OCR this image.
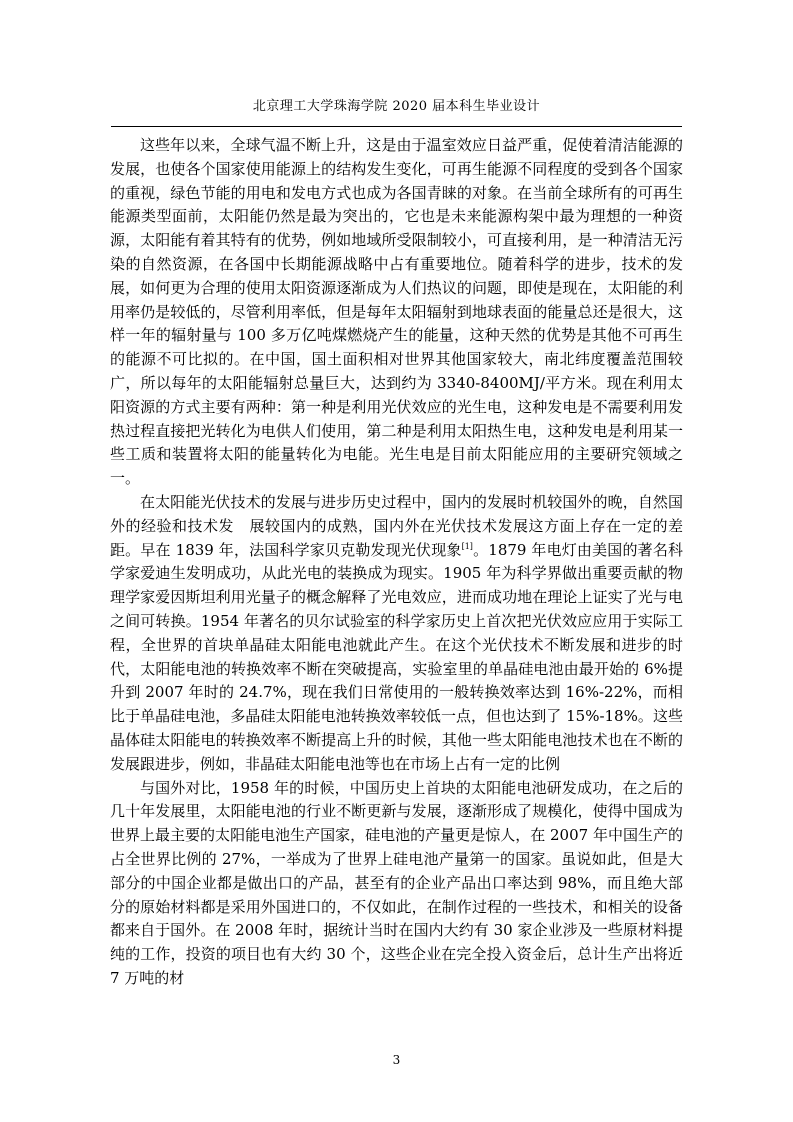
北京理工大学珠海学院 2020 届本科生毕业设计

这些年以来，全球气温不断上升，这是由于温室效应日益严重，促使着清洁能源的发展，也使各个国家使用能源上的结构发生变化，可再生能源不同程度的受到各个国家的重视，绿色节能的用电和发电方式也成为各国青睐的对象。在当前全球所有的可再生能源类型面前，太阳能仍然是最为突出的，它也是未来能源构架中最为理想的一种资源，太阳能有着其特有的优势，例如地域所受限制较小，可直接利用，是一种清洁无污染的自然资源，在各国中长期能源战略中占有重要地位。随着科学的进步，技术的发展，如何更为合理的使用太阳资源逐渐成为人们热议的问题，即使是现在，太阳能的利用率仍是较低的，尽管利用率低，但是每年太阳辐射到地球表面的能量总还是很大，这样一年的辐射量与 100 多万亿吨煤燃烧产生的能量，这种天然的优势是其他不可再生的能源不可比拟的。在中国，国土面积相对世界其他国家较大，南北纬度覆盖范围较广，所以每年的太阳能辐射总量巨大，达到约为 3340-8400MJ/平方米。现在利用太阳资源的方式主要有两种：第一种是利用光伏效应的光生电，这种发电是不需要利用发热过程直接把光转化为电供人们使用，第二种是利用太阳热生电，这种发电是利用某一些工质和装置将太阳的能量转化为电能。光生电是目前太阳能应用的主要研究领域之一。

在太阳能光伏技术的发展与进步历史过程中，国内的发展时机较国外的晚，自然国外的经验和技术发　展较国内的成熟，国内外在光伏技术发展这方面上存在一定的差距。早在 1839 年，法国科学家贝克勒发现光伏现象[1]。1879 年电灯由美国的著名科学家爱迪生发明成功，从此光电的装换成为现实。1905 年为科学界做出重要贡献的物理学家爱因斯坦利用光量子的概念解释了光电效应，进而成功地在理论上证实了光与电之间可转换。1954 年著名的贝尔试验室的科学家历史上首次把光伏效应应用于实际工程，全世界的首块单晶硅太阳能电池就此产生。在这个光伏技术不断发展和进步的时代，太阳能电池的转换效率不断在突破提高，实验室里的单晶硅电池由最开始的 6%提升到 2007 年时的 24.7%，现在我们日常使用的一般转换效率达到 16%-22%，而相比于单晶硅电池，多晶硅太阳能电池转换效率较低一点，但也达到了 15%-18%。这些晶体硅太阳能电的转换效率不断提高上升的时候，其他一些太阳能电池技术也在不断的发展跟进步，例如，非晶硅太阳能电池等也在市场上占有一定的比例

与国外对比，1958 年的时候，中国历史上首块的太阳能电池研发成功，在之后的几十年发展里，太阳能电池的行业不断更新与发展，逐渐形成了规模化，使得中国成为世界上最主要的太阳能电池生产国家，硅电池的产量更是惊人，在 2007 年中国生产的占全世界比例的 27%，一举成为了世界上硅电池产量第一的国家。虽说如此，但是大部分的中国企业都是做出口的产品，甚至有的企业产品出口率达到 98%，而且绝大部分的原始材料都是采用外国进口的，不仅如此，在制作过程的一些技术，和相关的设备都来自于国外。在 2008 年时，据统计当时在国内大约有 30 家企业涉及一些原材料提纯的工作，投资的项目也有大约 30 个，这些企业在完全投入资金后，总计生产出将近 7 万吨的材

3
